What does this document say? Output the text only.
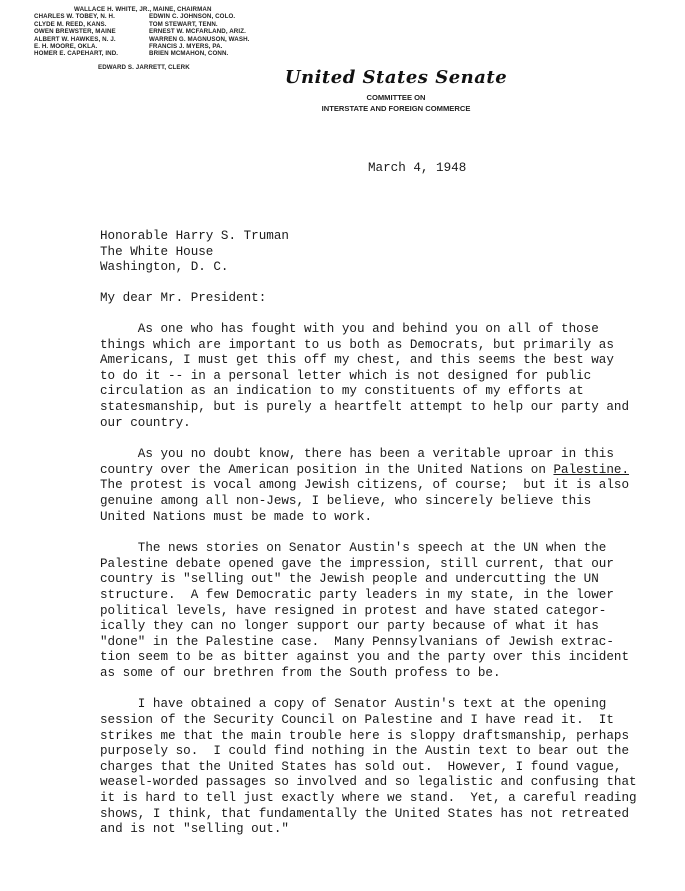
WALLACE H. WHITE, JR., MAINE, CHAIRMAN
CHARLES W. TOBEY, N. H.
CLYDE M. REED, KANS.
OWEN BREWSTER, MAINE
ALBERT W. HAWKES, N. J.
E. H. MOORE, OKLA.
HOMER E. CAPEHART, IND.
EDWIN C. JOHNSON, COLO.
TOM STEWART, TENN.
ERNEST W. MCFARLAND, ARIZ.
WARREN G. MAGNUSON, WASH.
FRANCIS J. MYERS, PA.
BRIEN MCMAHON, CONN.
EDWARD S. JARRETT, CLERK	United States Senate
COMMITTEE ON
INTERSTATE AND FOREIGN COMMERCE
March 4, 1948
Honorable Harry S. Truman
The White House
Washington, D. C.
My dear Mr. President:
As one who has fought with you and behind you on all of those
things which are important to us both as Democrats, but primarily as
Americans, I must get this off my chest, and this seems the best way
to do it -- in a personal letter which is not designed for public
circulation as an indication to my constituents of my efforts at
statesmanship, but is purely a heartfelt attempt to help our party and
our country.
As you no doubt know, there has been a veritable uproar in this
country over the American position in the United Nations on Palestine.
The protest is vocal among Jewish citizens, of course;  but it is also
genuine among all non-Jews, I believe, who sincerely believe this
United Nations must be made to work.
The news stories on Senator Austin's speech at the UN when the
Palestine debate opened gave the impression, still current, that our
country is "selling out" the Jewish people and undercutting the UN
structure.  A few Democratic party leaders in my state, in the lower
political levels, have resigned in protest and have stated categor-
ically they can no longer support our party because of what it has
"done" in the Palestine case.  Many Pennsylvanians of Jewish extrac-
tion seem to be as bitter against you and the party over this incident
as some of our brethren from the South profess to be.
I have obtained a copy of Senator Austin's text at the opening
session of the Security Council on Palestine and I have read it.  It
strikes me that the main trouble here is sloppy draftsmanship, perhaps
purposely so.  I could find nothing in the Austin text to bear out the
charges that the United States has sold out.  However, I found vague,
weasel-worded passages so involved and so legalistic and confusing that
it is hard to tell just exactly where we stand.  Yet, a careful reading
shows, I think, that fundamentally the United States has not retreated
and is not "selling out."
